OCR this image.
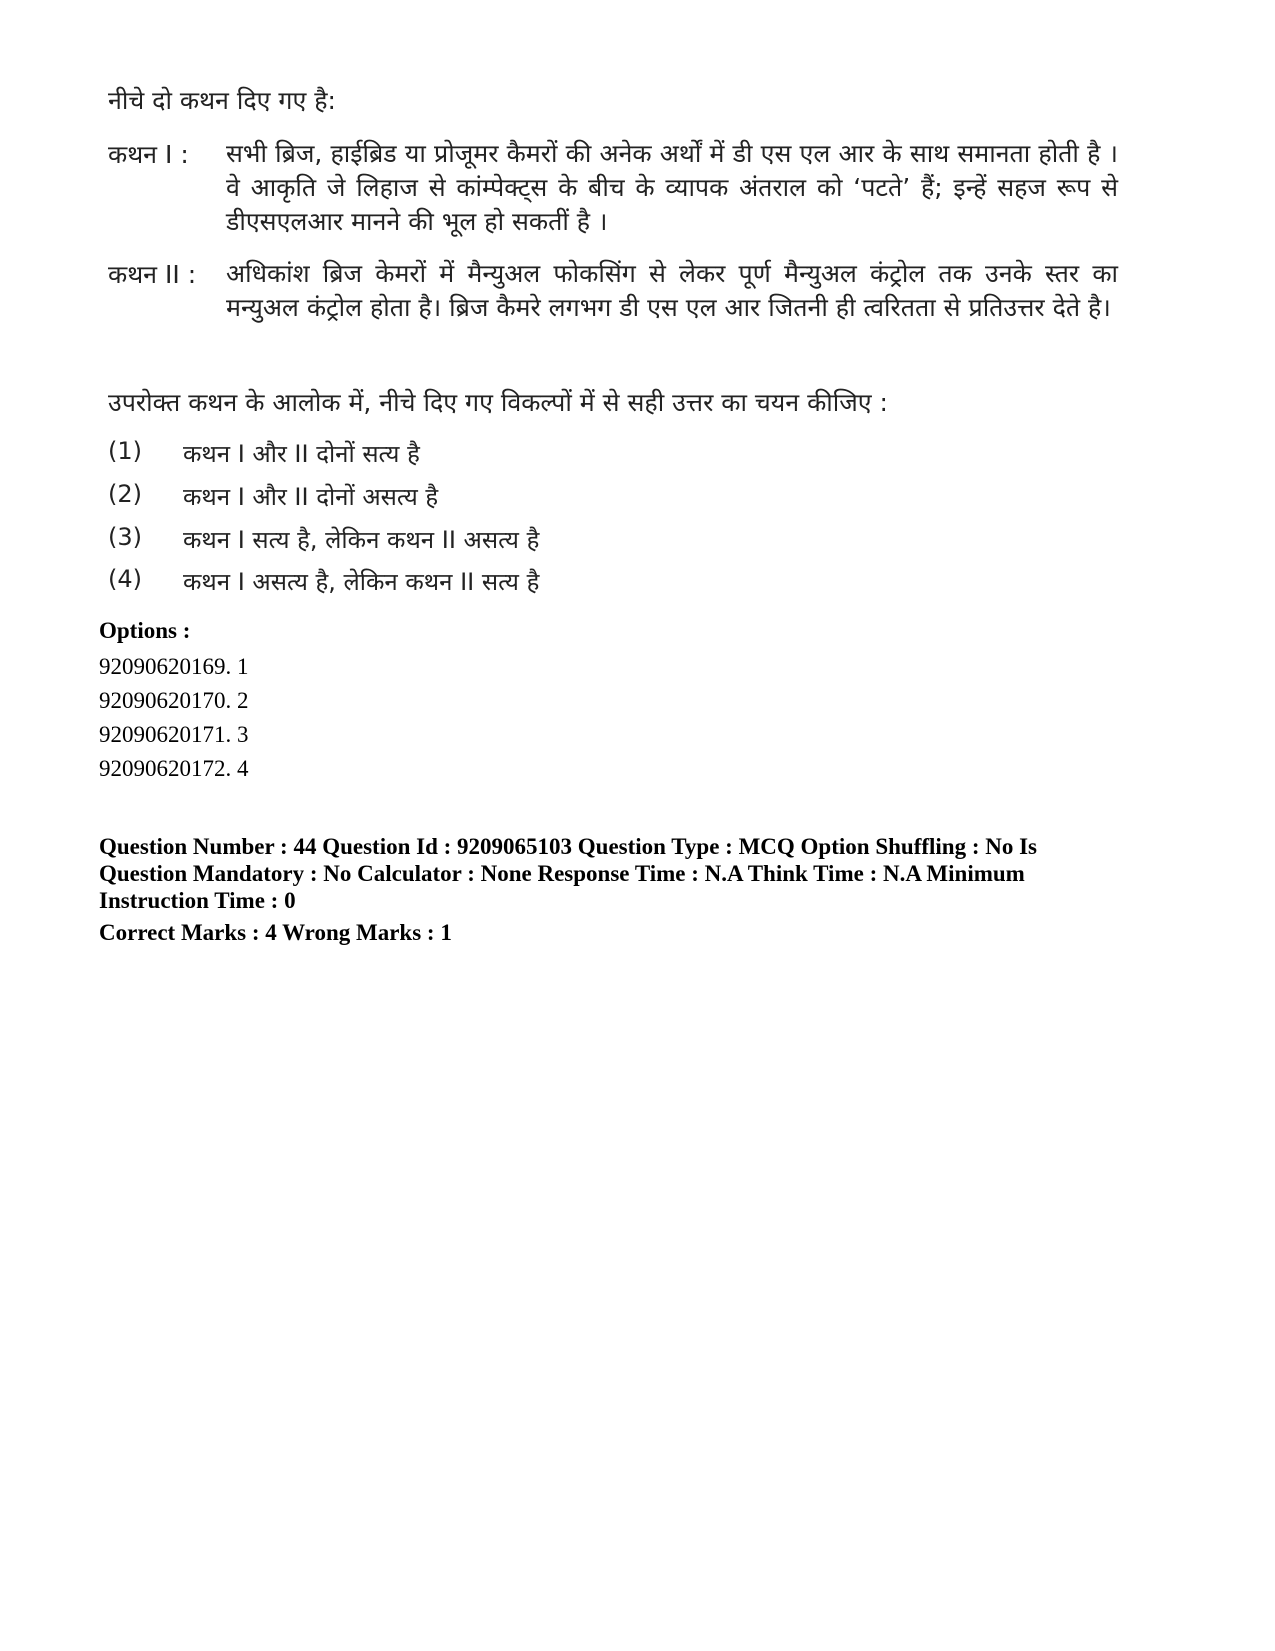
नीचे दो कथन दिए गए है:
कथन I :	सभी ब्रिज, हाईब्रिड या प्रोजूमर कैमरों की अनेक अर्थों में डी एस एल आर के साथ समानता होती है । वे आकृति जे लिहाज से कांम्पेक्ट्स के बीच के व्यापक अंतराल को ‘पटते’ हैं; इन्हें सहज रूप से डीएसएलआर मानने की भूल हो सकतीं है ।
कथन II :	अधिकांश ब्रिज केमरों में मैन्युअल फोकसिंग से लेकर पूर्ण मैन्युअल कंट्रोल तक उनके स्तर का मन्युअल कंट्रोल होता है। ब्रिज कैमरे लगभग डी एस एल आर जितनी ही त्वरितता से प्रतिउत्तर देते है।
उपरोक्त कथन के आलोक में, नीचे दिए गए विकल्पों में से सही उत्तर का चयन कीजिए :
(1)	कथन I और II दोनों सत्य है
(2)	कथन I और II दोनों असत्य है
(3)	कथन I सत्य है, लेकिन कथन II असत्य है
(4)	कथन I असत्य है, लेकिन कथन II सत्य है
Options :
92090620169. 1
92090620170. 2
92090620171. 3
92090620172. 4
Question Number : 44 Question Id : 9209065103 Question Type : MCQ Option Shuffling : No Is Question Mandatory : No Calculator : None Response Time : N.A Think Time : N.A Minimum Instruction Time : 0
Correct Marks : 4 Wrong Marks : 1
